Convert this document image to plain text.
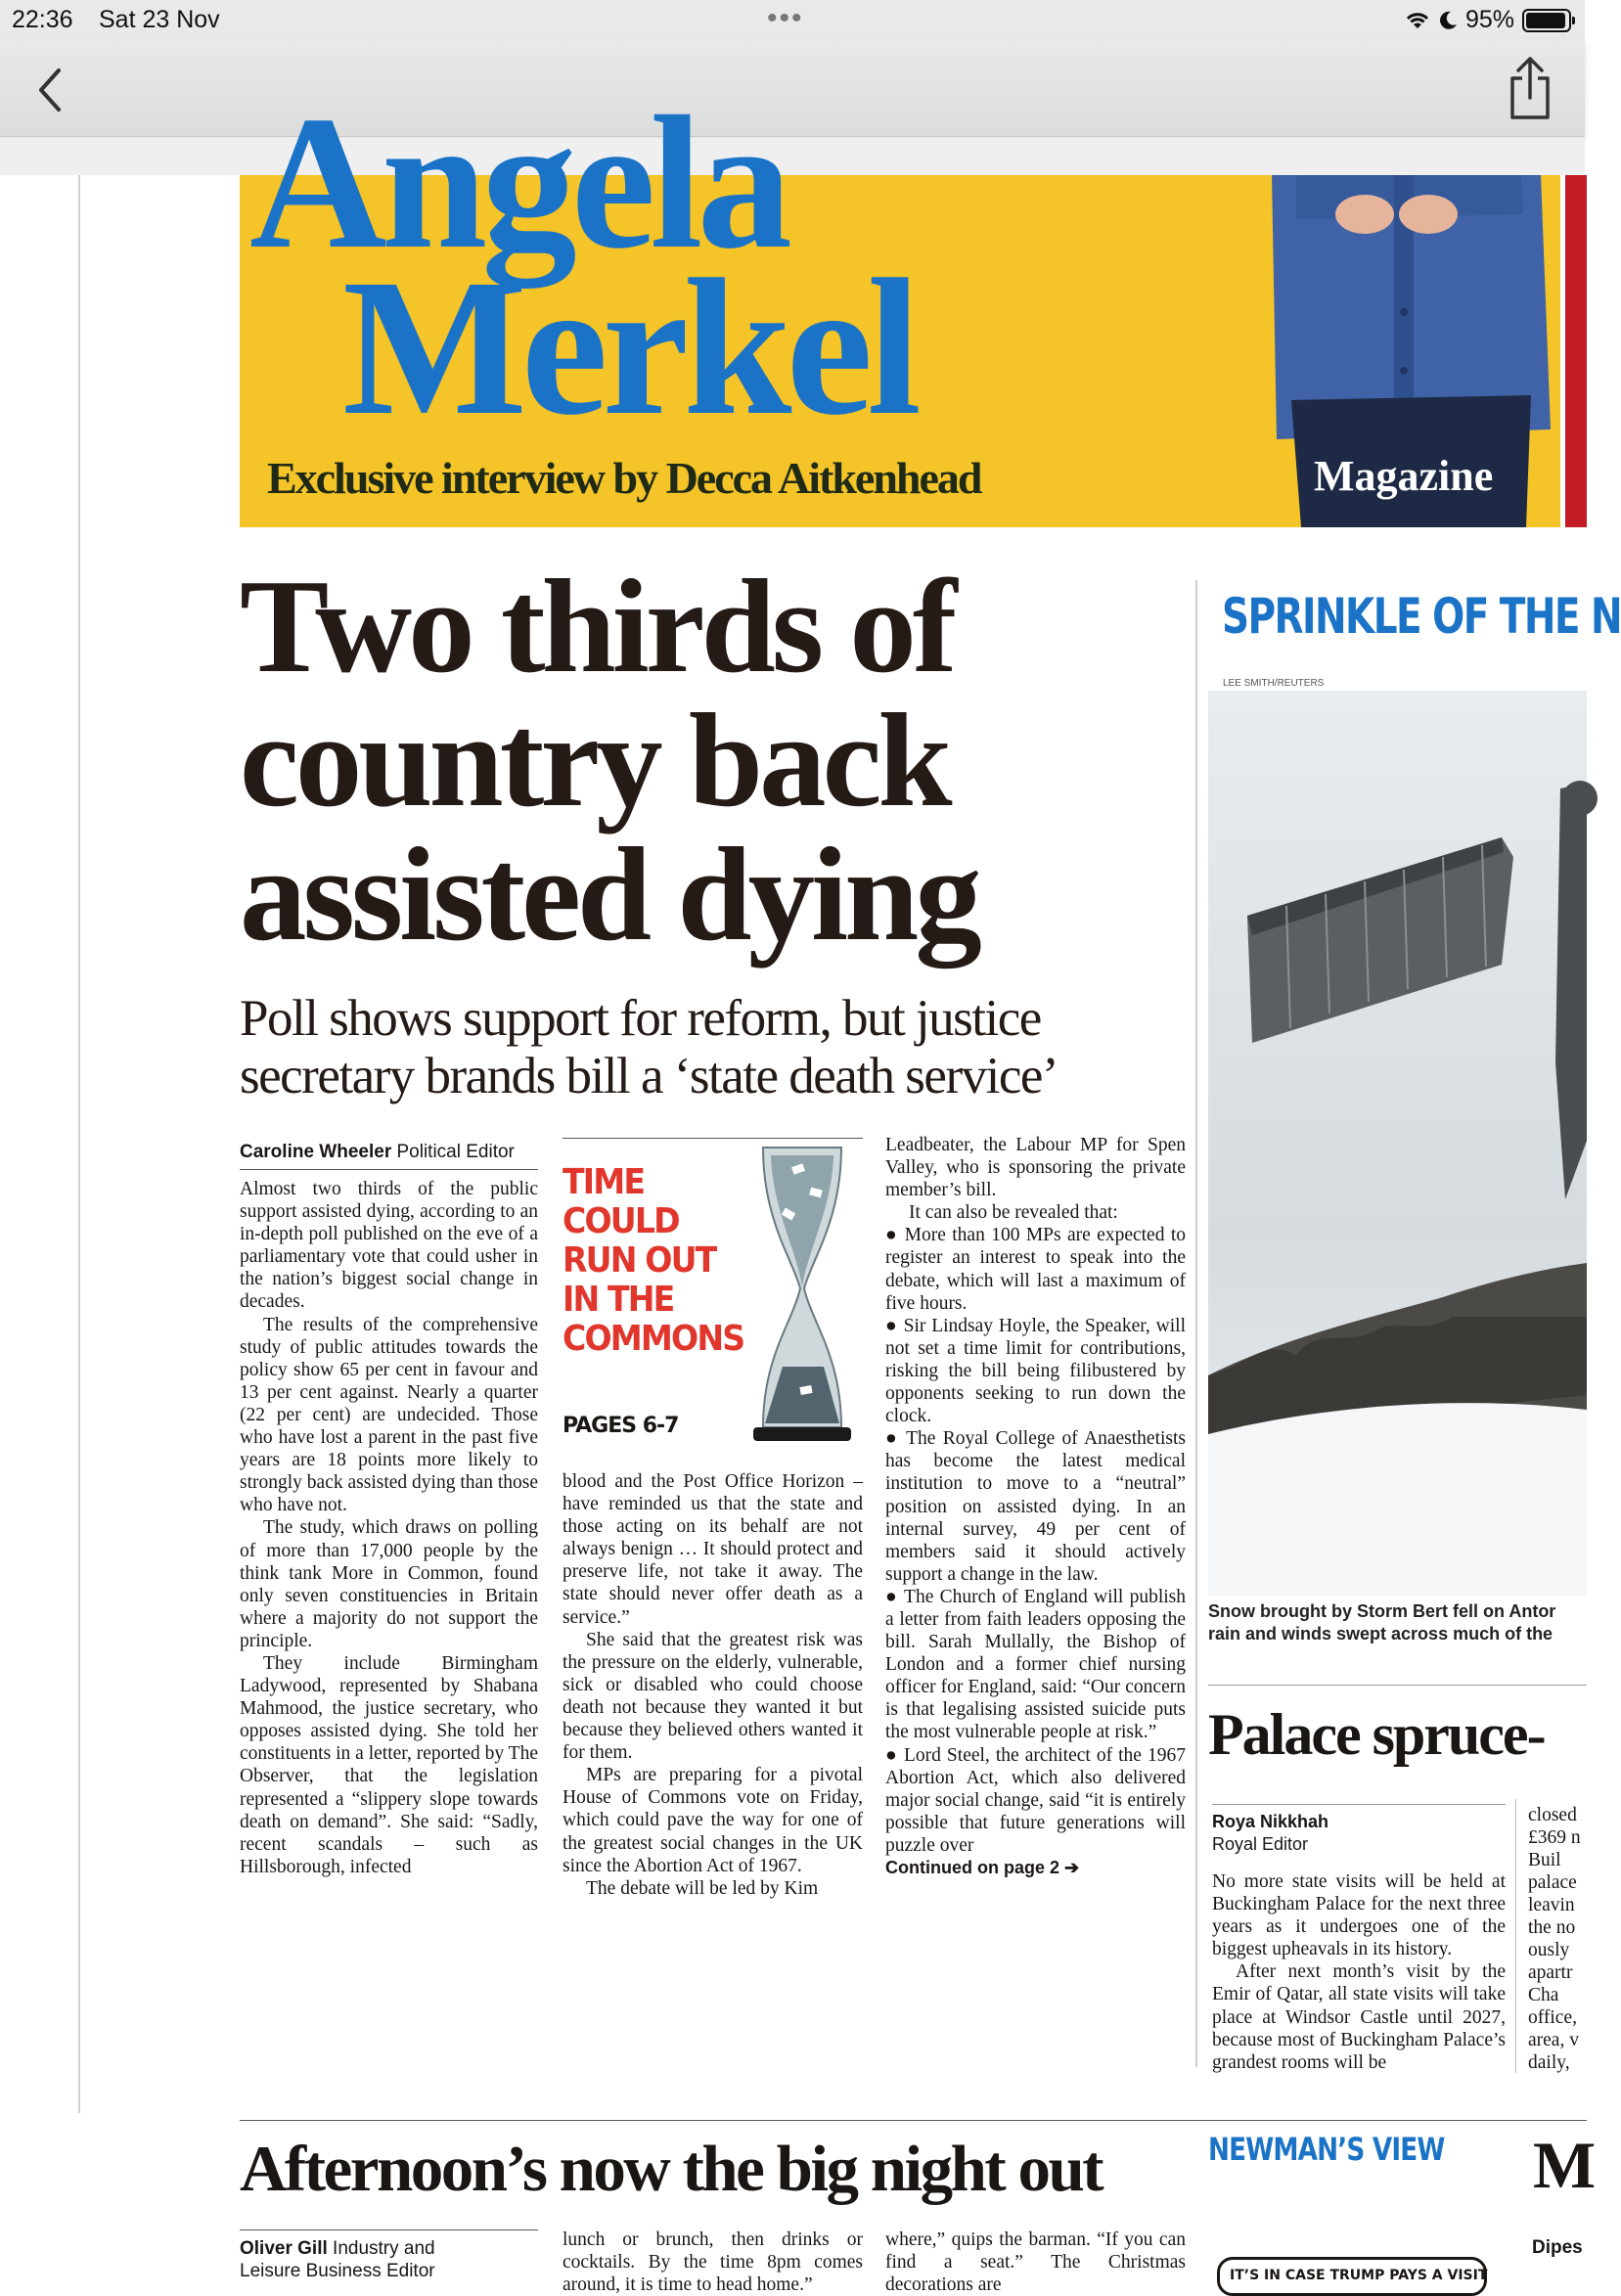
22:36 Sat 23 Nov	•••	95%
Angela
Merkel
Exclusive interview by Decca Aitkenhead	Magazine
Two thirds of country back assisted dying
Poll shows support for reform, but justice secretary brands bill a ‘state death service’
Caroline Wheeler Political Editor

Almost two thirds of the public support assisted dying, according to an in-depth poll published on the eve of a parliamentary vote that could usher in the nation’s biggest social change in decades.

The results of the comprehensive study of public attitudes towards the policy show 65 per cent in favour and 13 per cent against. Nearly a quarter (22 per cent) are undecided. Those who have lost a parent in the past five years are 18 points more likely to strongly back assisted dying than those who have not.

The study, which draws on polling of more than 17,000 people by the think tank More in Common, found only seven constituencies in Britain where a majority do not support the principle.

They include Birmingham Ladywood, represented by Shabana Mahmood, the justice secretary, who opposes assisted dying. She told her constituents in a letter, reported by The Observer, that the legislation represented a “slippery slope towards death on demand”. She said: “Sadly, recent scandals – such as Hillsborough, infected

TIME COULD RUN OUT IN THE COMMONS
PAGES 6-7

blood and the Post Office Horizon – have reminded us that the state and those acting on its behalf are not always benign … It should protect and preserve life, not take it away. The state should never offer death as a service.”

She said that the greatest risk was the pressure on the elderly, vulnerable, sick or disabled who could choose death not because they wanted it but because they believed others wanted it for them.

MPs are preparing for a pivotal House of Commons vote on Friday, which could pave the way for one of the greatest social changes in the UK since the Abortion Act of 1967.

The debate will be led by Kim

Leadbeater, the Labour MP for Spen Valley, who is sponsoring the private member’s bill.

It can also be revealed that:

● More than 100 MPs are expected to register an interest to speak into the debate, which will last a maximum of five hours.

● Sir Lindsay Hoyle, the Speaker, will not set a time limit for contributions, risking the bill being filibustered by opponents seeking to run down the clock.

● The Royal College of Anaesthetists has become the latest medical institution to move to a “neutral” position on assisted dying. In an internal survey, 49 per cent of members said it should actively support a change in the law.

● The Church of England will publish a letter from faith leaders opposing the bill. Sarah Mullally, the Bishop of London and a former chief nursing officer for England, said: “Our concern is that legalising assisted suicide puts the most vulnerable people at risk.”

● Lord Steel, the architect of the 1967 Abortion Act, which also delivered major social change, said “it is entirely possible that future generations will puzzle over

Continued on page 2 ➔

SPRINKLE OF THE N
LEE SMITH/REUTERS
Snow brought by Storm Bert fell on Antor
rain and winds swept across much of the
Palace spruce-
Roya Nikkhah
Royal Editor

No more state visits will be held at Buckingham Palace for the next three years as it undergoes one of the biggest upheavals in its history.

After next month’s visit by the Emir of Qatar, all state visits will take place at Windsor Castle until 2027, because most of Buckingham Palace’s grandest rooms will be

closed
£369 n
Buil
palace
leavin
the no
ously
apartr
Cha
office,
area, v
daily,
Afternoon’s now the big night out
Oliver Gill Industry and
Leisure Business Editor
lunch or brunch, then drinks or cocktails. By the time 8pm comes around, it is time to head home.”
where,” quips the barman. “If you can find a seat.” The Christmas decorations are
NEWMAN’S VIEW
IT’S IN CASE TRUMP PAYS A VISIT
M
Dipes
